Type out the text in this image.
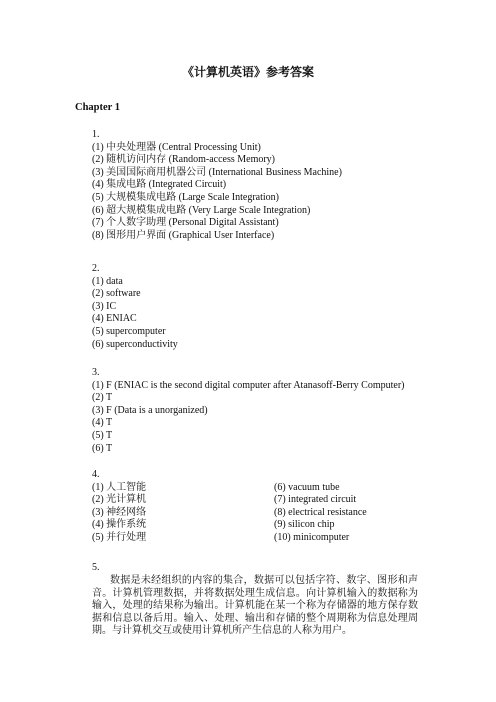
《计算机英语》参考答案
Chapter 1
1.
(1) 中央处理器 (Central Processing Unit)
(2) 随机访问内存 (Random-access Memory)
(3) 美国国际商用机器公司 (International Business Machine)
(4) 集成电路 (Integrated Circuit)
(5) 大规模集成电路 (Large Scale Integration)
(6) 超大规模集成电路 (Very Large Scale Integration)
(7) 个人数字助理 (Personal Digital Assistant)
(8) 图形用户界面 (Graphical User Interface)
2.
(1) data
(2) software
(3) IC
(4) ENIAC
(5) supercomputer
(6) superconductivity
3.
(1) F (ENIAC is the second digital computer after Atanasoff-Berry Computer)
(2) T
(3) F (Data is a unorganized)
(4) T
(5) T
(6) T
4.
(1) 人工智能	(6) vacuum tube
(2) 光计算机	(7) integrated circuit
(3) 神经网络	(8) electrical resistance
(4) 操作系统	(9) silicon chip
(5) 并行处理	(10) minicomputer
5.
数据是未经组织的内容的集合，数据可以包括字符、数字、图形和声音。计算机管理数据，并将数据处理生成信息。向计算机输入的数据称为输入，处理的结果称为输出。计算机能在某一个称为存储器的地方保存数据和信息以备后用。输入、处理、输出和存储的整个周期称为信息处理周期。与计算机交互或使用计算机所产生信息的人称为用户。
